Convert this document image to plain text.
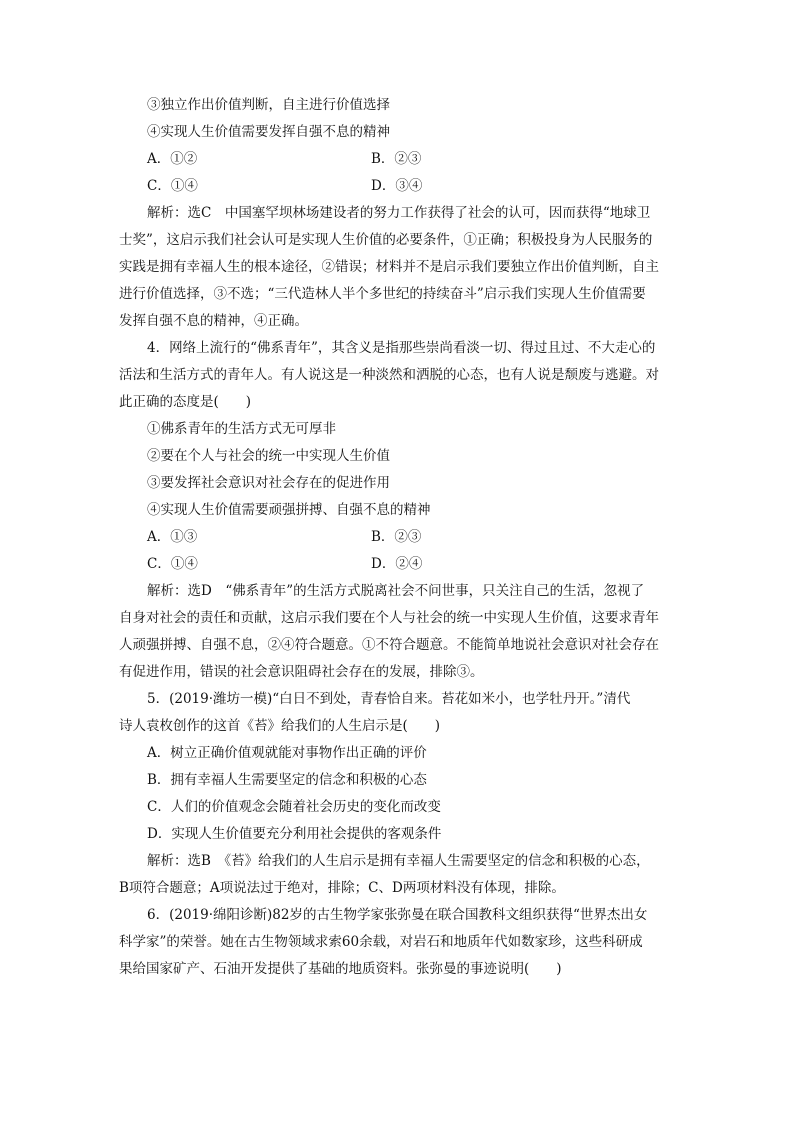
③独立作出价值判断，自主进行价值选择
④实现人生价值需要发挥自强不息的精神
A．①②	B．②③
C．①④	D．③④
解析：选C　中国塞罕坝林场建设者的努力工作获得了社会的认可，因而获得“地球卫
士奖”，这启示我们社会认可是实现人生价值的必要条件，①正确；积极投身为人民服务的
实践是拥有幸福人生的根本途径，②错误；材料并不是启示我们要独立作出价值判断，自主
进行价值选择，③不选；“三代造林人半个多世纪的持续奋斗”启示我们实现人生价值需要
发挥自强不息的精神，④正确。
4．网络上流行的“佛系青年”，其含义是指那些崇尚看淡一切、得过且过、不大走心的
活法和生活方式的青年人。有人说这是一种淡然和洒脱的心态，也有人说是颓废与逃避。对
此正确的态度是(　　)
①佛系青年的生活方式无可厚非
②要在个人与社会的统一中实现人生价值
③要发挥社会意识对社会存在的促进作用
④实现人生价值需要顽强拼搏、自强不息的精神
A．①③	B．②③
C．①④	D．②④
解析：选D　“佛系青年”的生活方式脱离社会不问世事，只关注自己的生活，忽视了
自身对社会的责任和贡献，这启示我们要在个人与社会的统一中实现人生价值，这要求青年
人顽强拼搏、自强不息，②④符合题意。①不符合题意。不能简单地说社会意识对社会存在
有促进作用，错误的社会意识阻碍社会存在的发展，排除③。
5．(2019·潍坊一模)“白日不到处，青春恰自来。苔花如米小，也学牡丹开。”清代
诗人袁枚创作的这首《苔》给我们的人生启示是(　　)
A．树立正确价值观就能对事物作出正确的评价
B．拥有幸福人生需要坚定的信念和积极的心态
C．人们的价值观念会随着社会历史的变化而改变
D．实现人生价值要充分利用社会提供的客观条件
解析：选B　《苔》给我们的人生启示是拥有幸福人生需要坚定的信念和积极的心态，
B项符合题意；A项说法过于绝对，排除；C、D两项材料没有体现，排除。
6．(2019·绵阳诊断)82岁的古生物学家张弥曼在联合国教科文组织获得“世界杰出女
科学家”的荣誉。她在古生物领域求索60余载，对岩石和地质年代如数家珍，这些科研成
果给国家矿产、石油开发提供了基础的地质资料。张弥曼的事迹说明(　　)
